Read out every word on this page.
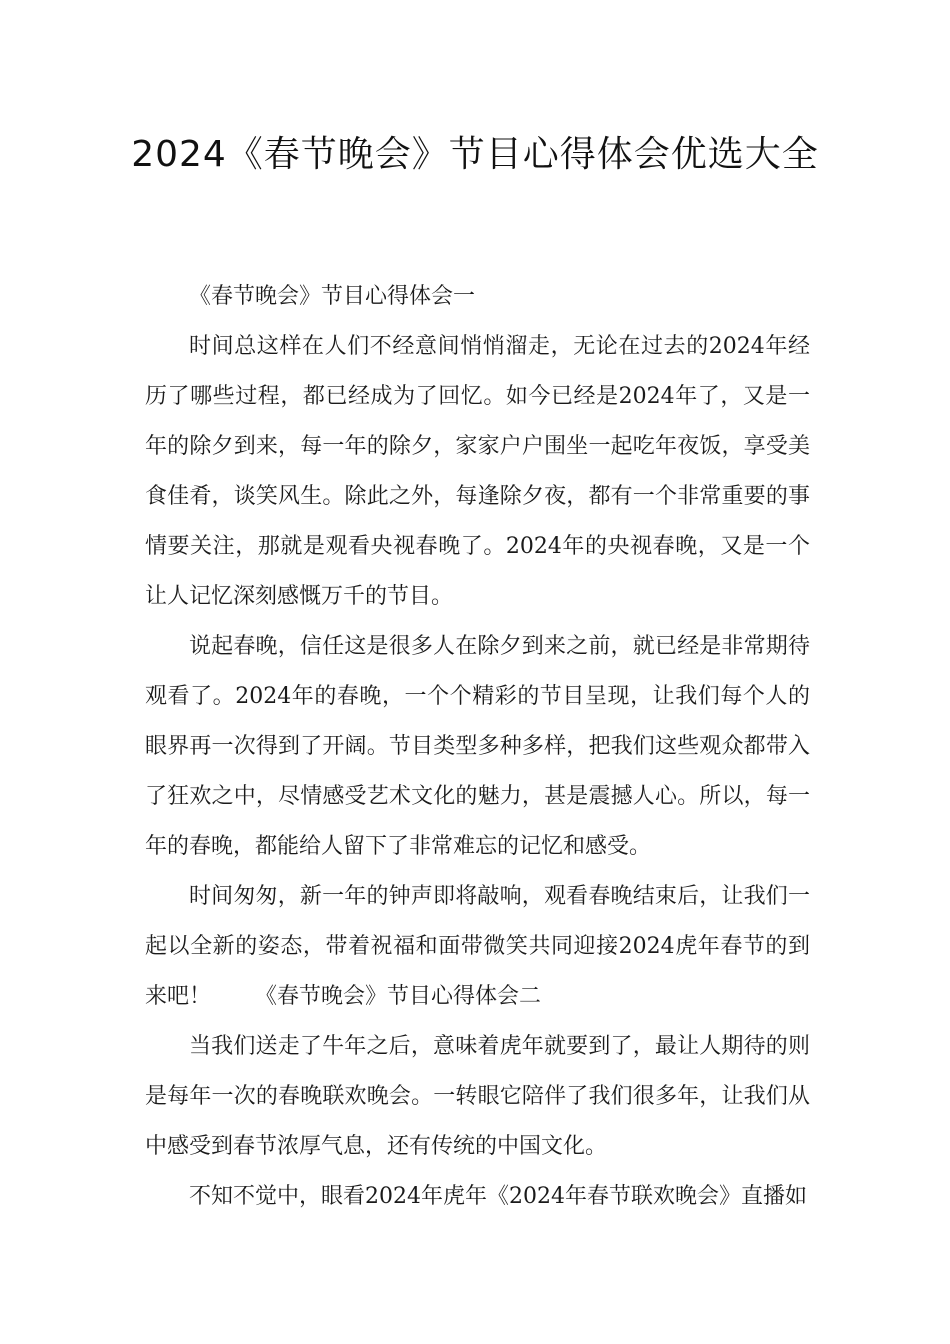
2024《春节晚会》节目心得体会优选大全

《春节晚会》节目心得体会一

时间总这样在人们不经意间悄悄溜走，无论在过去的2024年经历了哪些过程，都已经成为了回忆。如今已经是2024年了，又是一年的除夕到来，每一年的除夕，家家户户围坐一起吃年夜饭，享受美食佳肴，谈笑风生。除此之外，每逢除夕夜，都有一个非常重要的事情要关注，那就是观看央视春晚了。2024年的央视春晚，又是一个让人记忆深刻感慨万千的节目。

说起春晚，信任这是很多人在除夕到来之前，就已经是非常期待观看了。2024年的春晚，一个个精彩的节目呈现，让我们每个人的眼界再一次得到了开阔。节目类型多种多样，把我们这些观众都带入了狂欢之中，尽情感受艺术文化的魅力，甚是震撼人心。所以，每一年的春晚，都能给人留下了非常难忘的记忆和感受。

时间匆匆，新一年的钟声即将敲响，观看春晚结束后，让我们一起以全新的姿态，带着祝福和面带微笑共同迎接2024虎年春节的到来吧！ 《春节晚会》节目心得体会二

当我们送走了牛年之后，意味着虎年就要到了，最让人期待的则是每年一次的春晚联欢晚会。一转眼它陪伴了我们很多年，让我们从中感受到春节浓厚气息，还有传统的中国文化。

不知不觉中，眼看2024年虎年《2024年春节联欢晚会》直播如
